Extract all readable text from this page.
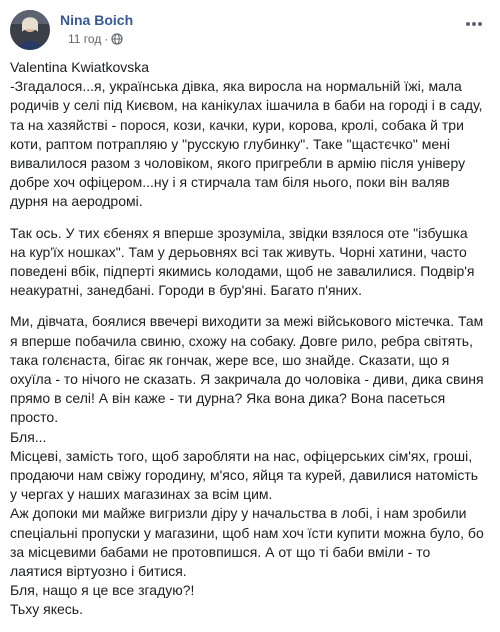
Nina Boich
11 год ·

Valentina Kwiatkovska
-Згадалося...я, українська дівка, яка виросла на нормальній їжі, мала
родичів у селі під Києвом, на канікулах ішачила в баби на городі і в саду,
та на хазяйстві - порося, кози, качки, кури, корова, кролі, собака й три
коти, раптом потрапляю у "русскую глубинку". Таке "щастєчко" мені
вивалилося разом з чоловіком, якого пригребли в армію після універу
добре хоч офіцером...ну і я стирчала там біля нього, поки він валяв
дурня на аеродромі.

Так ось. У тих єбенях я вперше зрозуміла, звідки взялося оте "ізбушка
на кур'їх ношках". Там у дерьовнях всі так живуть. Чорні хатини, часто
поведені вбік, підперті якимись колодами, щоб не завалилися. Подвір'я
неакуратні, занедбані. Городи в бур'яні. Багато п'яних.

Ми, дівчата, боялися ввечері виходити за межі військового містечка. Там
я вперше побачила свиню, схожу на собаку. Довге рило, ребра світять,
така голєнаста, бігає як гончак, жере все, шо знайде. Сказати, що я
охуїла - то нічого не сказать. Я закричала до чоловіка - диви, дика свиня
прямо в селі! А він каже - ти дурна? Яка вона дика? Вона пасеться
просто.
Бля...
Місцеві, замість того, щоб заробляти на нас, офіцерських сім'ях, гроші,
продаючи нам свіжу городину, м'ясо, яйця та курей, давилися натомість
у чергах у наших магазинах за всім цим.
Аж допоки ми майже вигризли діру у начальства в лобі, і нам зробили
спеціальні пропуски у магазини, щоб нам хоч їсти купити можна було, бо
за місцевими бабами не протовпишся. А от що ті баби вміли - то
лаятися віртуозно і битися.
Бля, нащо я це все згадую?!
Тьху якесь.
